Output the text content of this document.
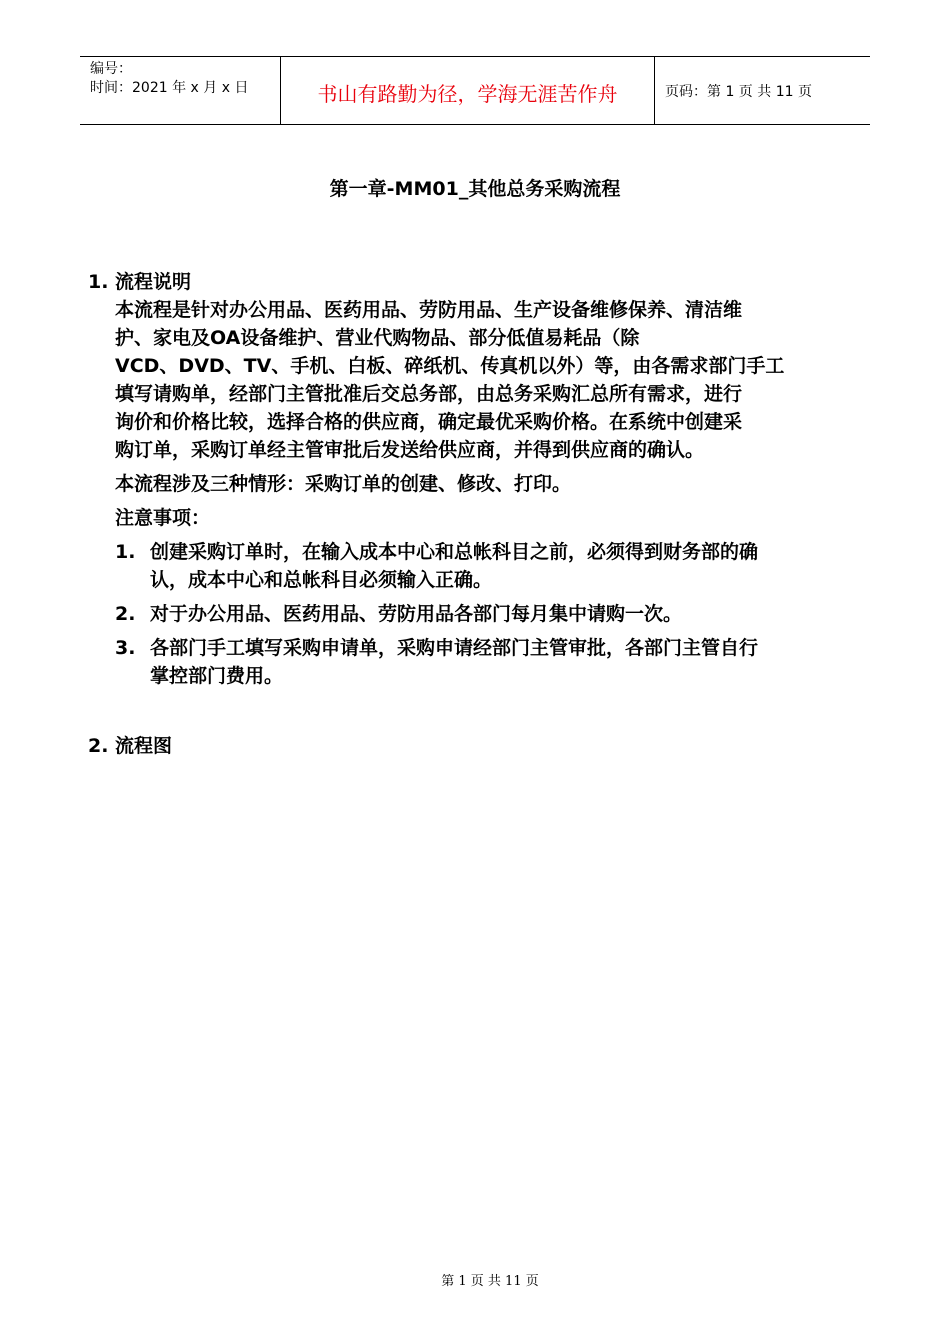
编号：
时间：2021 年 x 月 x 日	书山有路勤为径，学海无涯苦作舟	页码：第 1 页 共 11 页
第一章-MM01_其他总务采购流程
1. 流程说明
本流程是针对办公用品、医药用品、劳防用品、生产设备维修保养、清洁维
护、家电及OA设备维护、营业代购物品、部分低值易耗品（除
VCD、DVD、TV、手机、白板、碎纸机、传真机以外）等，由各需求部门手工
填写请购单，经部门主管批准后交总务部，由总务采购汇总所有需求，进行
询价和价格比较，选择合格的供应商，确定最优采购价格。在系统中创建采
购订单，采购订单经主管审批后发送给供应商，并得到供应商的确认。
本流程涉及三种情形：采购订单的创建、修改、打印。
注意事项：
1. 创建采购订单时，在输入成本中心和总帐科目之前，必须得到财务部的确
认，成本中心和总帐科目必须输入正确。
2. 对于办公用品、医药用品、劳防用品各部门每月集中请购一次。
3. 各部门手工填写采购申请单，采购申请经部门主管审批，各部门主管自行
掌控部门费用。
2. 流程图
第 1 页 共 11 页
